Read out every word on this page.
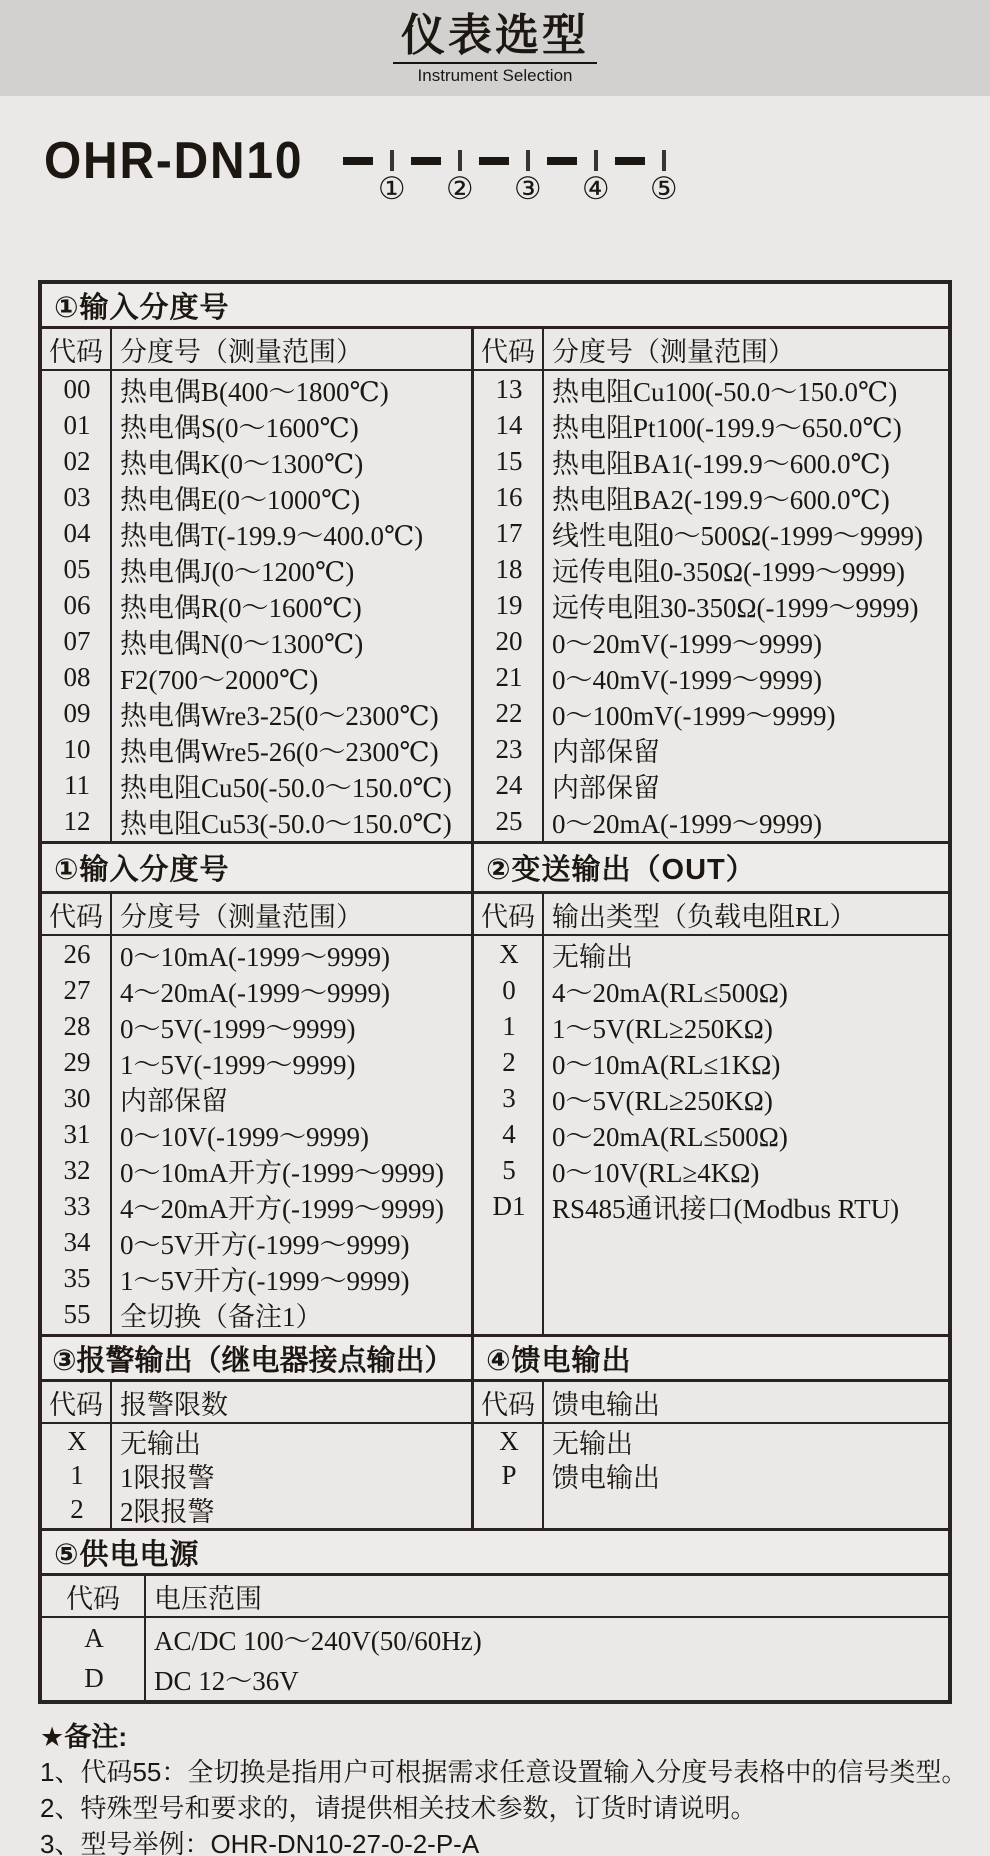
仪表选型
Instrument Selection
OHR-DN10 ① ② ③ ④ ⑤
①输入分度号
代码 分度号（测量范围）
00	热电偶B(400～1800℃)
01	热电偶S(0～1600℃)
02	热电偶K(0～1300℃)
03	热电偶E(0～1000℃)
04	热电偶T(-199.9～400.0℃)
05	热电偶J(0～1200℃)
06	热电偶R(0～1600℃)
07	热电偶N(0～1300℃)
08	F2(700～2000℃)
09	热电偶Wre3-25(0～2300℃)
10	热电偶Wre5-26(0～2300℃)
11	热电阻Cu50(-50.0～150.0℃)
12	热电阻Cu53(-50.0～150.0℃)
代码 分度号（测量范围）
13	热电阻Cu100(-50.0～150.0℃)
14	热电阻Pt100(-199.9～650.0℃)
15	热电阻BA1(-199.9～600.0℃)
16	热电阻BA2(-199.9～600.0℃)
17	线性电阻0～500Ω(-1999～9999)
18	远传电阻0-350Ω(-1999～9999)
19	远传电阻30-350Ω(-1999～9999)
20	0～20mV(-1999～9999)
21	0～40mV(-1999～9999)
22	0～100mV(-1999～9999)
23	内部保留
24	内部保留
25	0～20mA(-1999～9999)
①输入分度号
代码 分度号（测量范围）
26	0～10mA(-1999～9999)
27	4～20mA(-1999～9999)
28	0～5V(-1999～9999)
29	1～5V(-1999～9999)
30	内部保留
31	0～10V(-1999～9999)
32	0～10mA开方(-1999～9999)
33	4～20mA开方(-1999～9999)
34	0～5V开方(-1999～9999)
35	1～5V开方(-1999～9999)
55	全切换（备注1）
②变送输出（OUT）
代码 输出类型（负载电阻RL）
X	无输出
0	4～20mA(RL≤500Ω)
1	1～5V(RL≥250KΩ)
2	0～10mA(RL≤1KΩ)
3	0～5V(RL≥250KΩ)
4	0～20mA(RL≤500Ω)
5	0～10V(RL≥4KΩ)
D1 RS485通讯接口(Modbus RTU)
③报警输出（继电器接点输出）
代码 报警限数
X	无输出
1	1限报警
2	2限报警
④馈电输出
代码 馈电输出
X	无输出
P	馈电输出
⑤供电电源
代码	电压范围
A	AC/DC 100～240V(50/60Hz)
D	DC 12～36V
★备注:
1、代码55：全切换是指用户可根据需求任意设置输入分度号表格中的信号类型。
2、特殊型号和要求的，请提供相关技术参数，订货时请说明。
3、型号举例：OHR-DN10-27-0-2-P-A
